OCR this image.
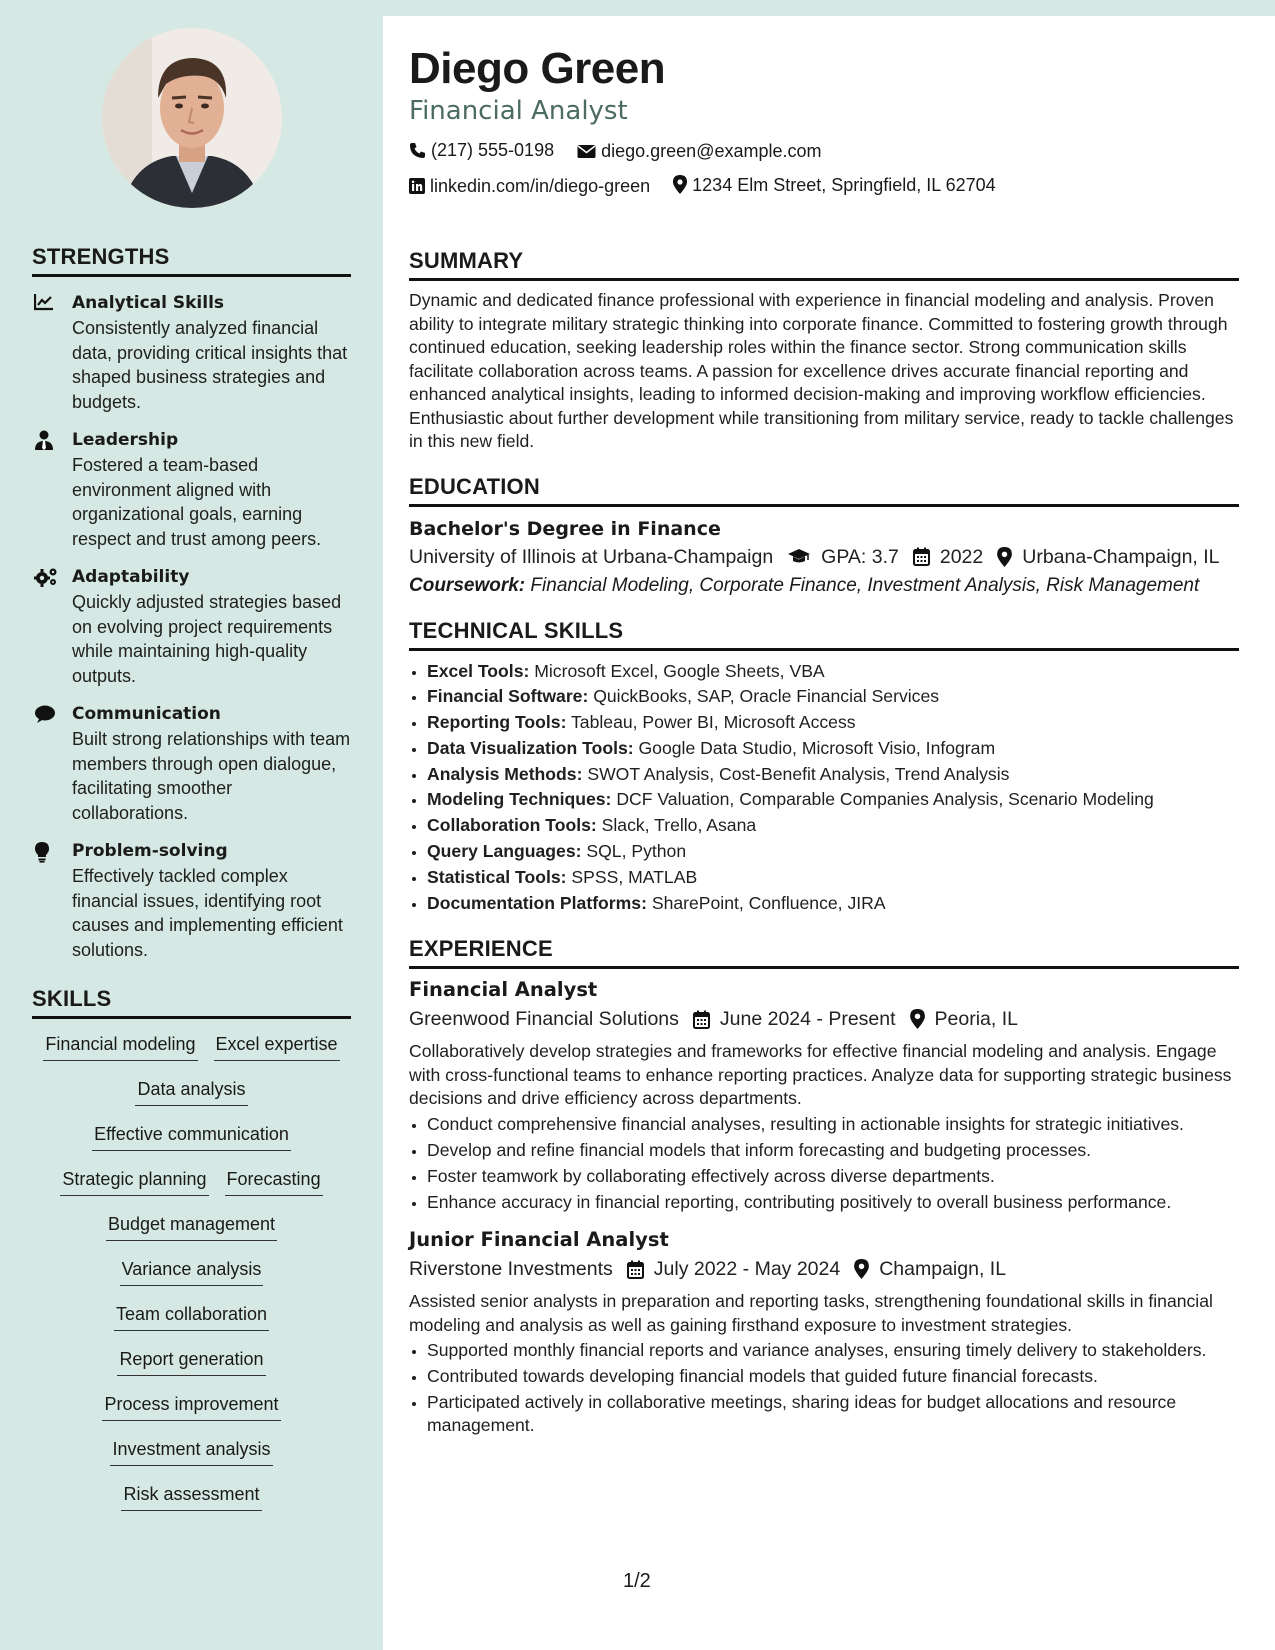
STRENGTHS
Analytical Skills
Consistently analyzed financial data, providing critical insights that shaped business strategies and budgets.
Leadership
Fostered a team-based environment aligned with organizational goals, earning respect and trust among peers.
Adaptability
Quickly adjusted strategies based on evolving project requirements while maintaining high-quality outputs.
Communication
Built strong relationships with team members through open dialogue, facilitating smoother collaborations.
Problem-solving
Effectively tackled complex financial issues, identifying root causes and implementing efficient solutions.
SKILLS
Financial modeling Excel expertise
Data analysis
Effective communication
Strategic planning Forecasting
Budget management
Variance analysis
Team collaboration
Report generation
Process improvement
Investment analysis
Risk assessment
Diego Green
Financial Analyst
(217) 555-0198
	diego.green@example.com

linkedin.com/in/diego-green
1234 Elm Street, Springfield, IL 62704
SUMMARY

Dynamic and dedicated finance professional with experience in financial modeling and analysis. Proven ability to integrate military strategic thinking into corporate finance. Committed to fostering growth through continued education, seeking leadership roles within the finance sector. Strong communication skills facilitate collaboration across teams. A passion for excellence drives accurate financial reporting and enhanced analytical insights, leading to informed decision-making and improving workflow efficiencies. Enthusiastic about further development while transitioning from military service, ready to tackle challenges in this new field.

EDUCATION
Bachelor's Degree in Finance
University of Illinois at Urbana-Champaign GPA: 3.7 2022 Urbana-Champaign, IL
Coursework: Financial Modeling, Corporate Finance, Investment Analysis, Risk Management
TECHNICAL SKILLS
• Excel Tools: Microsoft Excel, Google Sheets, VBA
• Financial Software: QuickBooks, SAP, Oracle Financial Services
• Reporting Tools: Tableau, Power BI, Microsoft Access
• Data Visualization Tools: Google Data Studio, Microsoft Visio, Infogram
• Analysis Methods: SWOT Analysis, Cost-Benefit Analysis, Trend Analysis
• Modeling Techniques: DCF Valuation, Comparable Companies Analysis, Scenario Modeling
• Collaboration Tools: Slack, Trello, Asana
• Query Languages: SQL, Python
• Statistical Tools: SPSS, MATLAB
• Documentation Platforms: SharePoint, Confluence, JIRA
EXPERIENCE
Financial Analyst
Greenwood Financial Solutions June 2024 - Present Peoria, IL

Collaboratively develop strategies and frameworks for effective financial modeling and analysis. Engage with cross-functional teams to enhance reporting practices. Analyze data for supporting strategic business decisions and drive efficiency across departments.

• Conduct comprehensive financial analyses, resulting in actionable insights for strategic initiatives.
• Develop and refine financial models that inform forecasting and budgeting processes.
• Foster teamwork by collaborating effectively across diverse departments.
• Enhance accuracy in financial reporting, contributing positively to overall business performance.
Junior Financial Analyst
Riverstone Investments July 2022 - May 2024 Champaign, IL

Assisted senior analysts in preparation and reporting tasks, strengthening foundational skills in financial modeling and analysis as well as gaining firsthand exposure to investment strategies.

• Supported monthly financial reports and variance analyses, ensuring timely delivery to stakeholders.
• Contributed towards developing financial models that guided future financial forecasts.
• Participated actively in collaborative meetings, sharing ideas for budget allocations and resource management.
1/2
